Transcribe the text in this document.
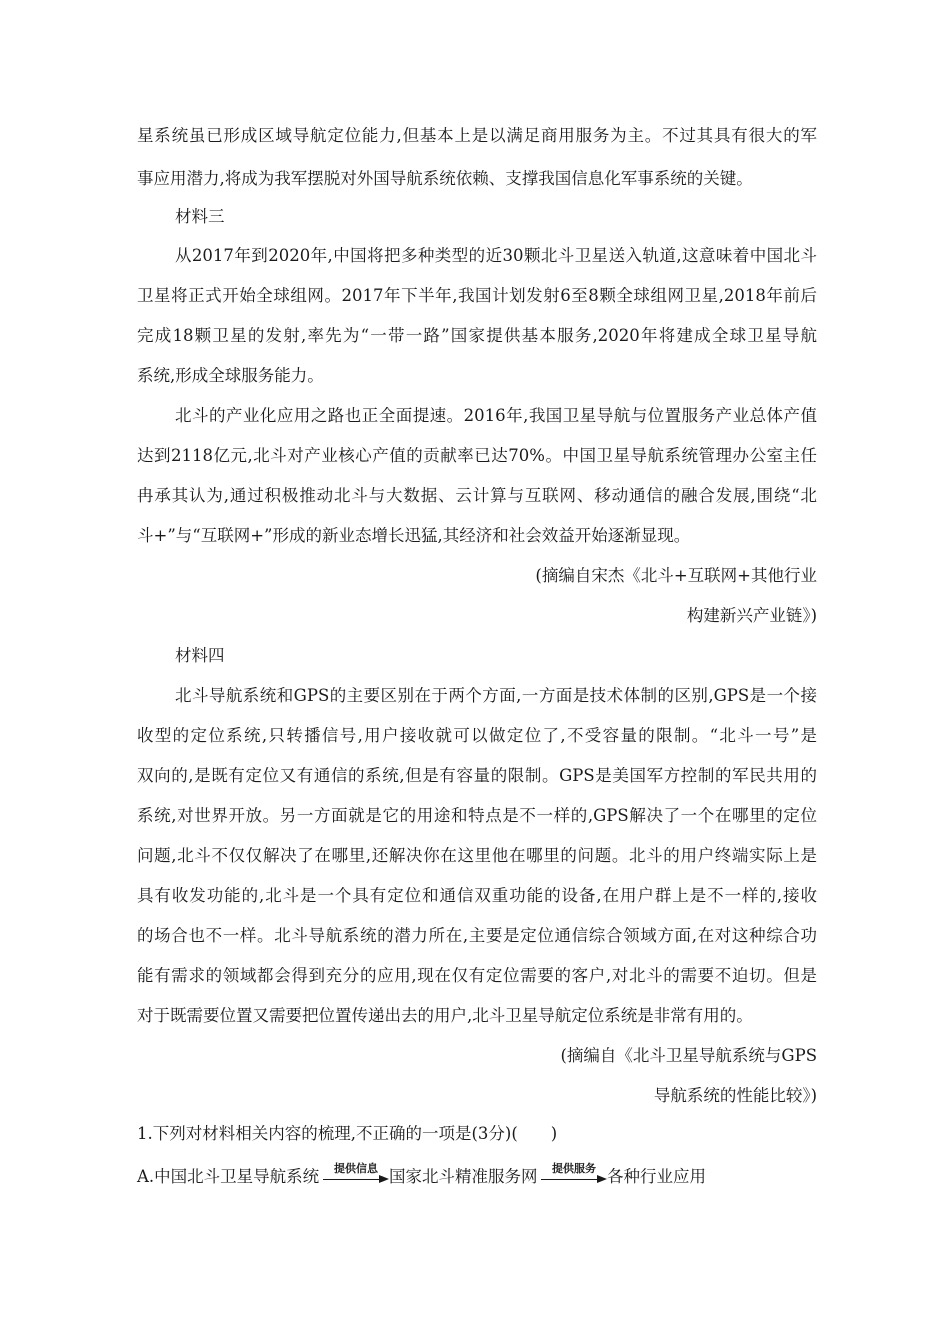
星系统虽已形成区域导航定位能力,但基本上是以满足商用服务为主。不过其具有很大的军
事应用潜力,将成为我军摆脱对外国导航系统依赖、支撑我国信息化军事系统的关键。
材料三
从2017年到2020年,中国将把多种类型的近30颗北斗卫星送入轨道,这意味着中国北斗
卫星将正式开始全球组网。2017年下半年,我国计划发射6至8颗全球组网卫星,2018年前后
完成18颗卫星的发射,率先为“一带一路”国家提供基本服务,2020年将建成全球卫星导航
系统,形成全球服务能力。
北斗的产业化应用之路也正全面提速。2016年,我国卫星导航与位置服务产业总体产值
达到2118亿元,北斗对产业核心产值的贡献率已达70%。中国卫星导航系统管理办公室主任
冉承其认为,通过积极推动北斗与大数据、云计算与互联网、移动通信的融合发展,围绕“北
斗+”与“互联网+”形成的新业态增长迅猛,其经济和社会效益开始逐渐显现。
(摘编自宋杰《北斗+互联网+其他行业
构建新兴产业链》)
材料四
北斗导航系统和GPS的主要区别在于两个方面,一方面是技术体制的区别,GPS是一个接
收型的定位系统,只转播信号,用户接收就可以做定位了,不受容量的限制。“北斗一号”是
双向的,是既有定位又有通信的系统,但是有容量的限制。GPS是美国军方控制的军民共用的
系统,对世界开放。另一方面就是它的用途和特点是不一样的,GPS解决了一个在哪里的定位
问题,北斗不仅仅解决了在哪里,还解决你在这里他在哪里的问题。北斗的用户终端实际上是
具有收发功能的,北斗是一个具有定位和通信双重功能的设备,在用户群上是不一样的,接收
的场合也不一样。北斗导航系统的潜力所在,主要是定位通信综合领域方面,在对这种综合功
能有需求的领域都会得到充分的应用,现在仅有定位需要的客户,对北斗的需要不迫切。但是
对于既需要位置又需要把位置传递出去的用户,北斗卫星导航定位系统是非常有用的。
(摘编自《北斗卫星导航系统与GPS
导航系统的性能比较》)
1.下列对材料相关内容的梳理,不正确的一项是(3分)(　　)
A.中国北斗卫星导航系统	提供信息 国家北斗精准服务网	提供服务 各种行业应用
